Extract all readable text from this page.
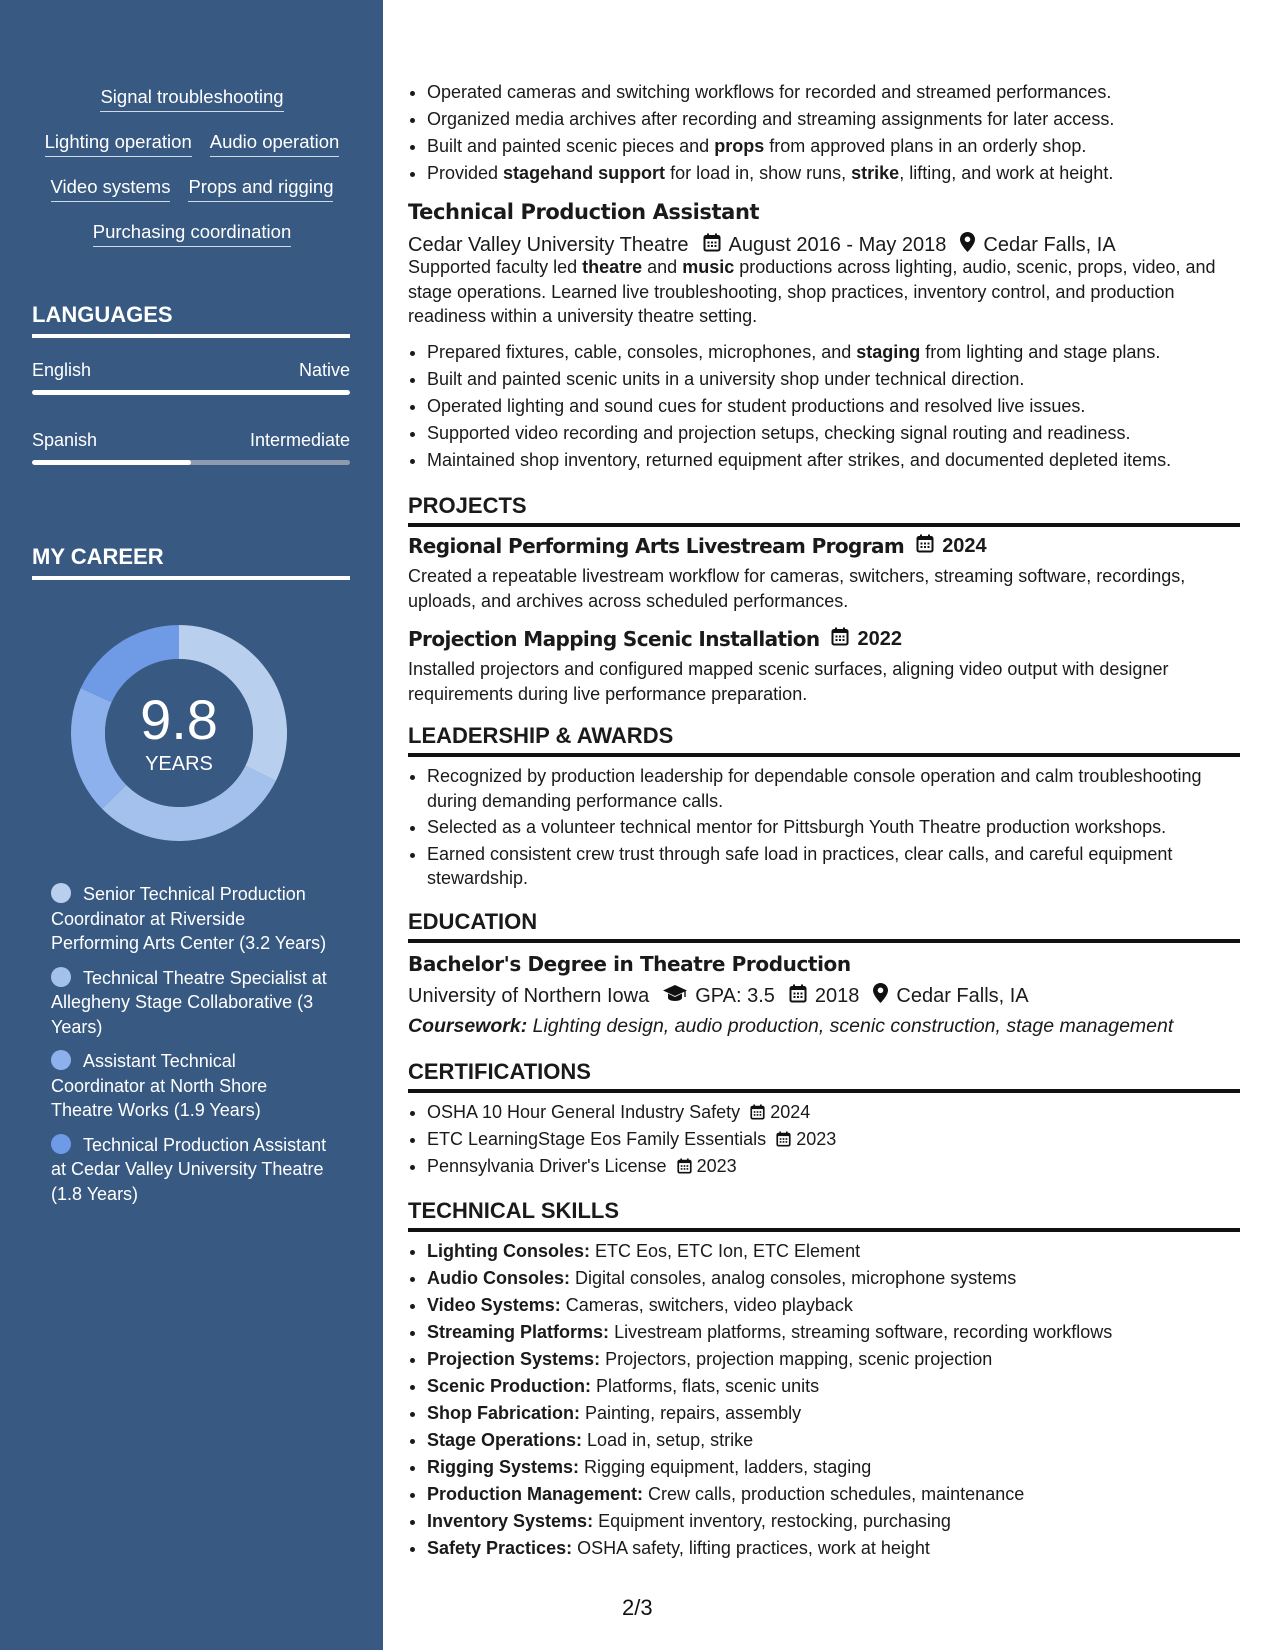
Signal troubleshooting
Lighting operation Audio operation
Video systems Props and rigging
Purchasing coordination
LANGUAGES
English	Native
Spanish	Intermediate
MY CAREER
9.8
YEARS
Senior Technical Production Coordinator at Riverside Performing Arts Center (3.2 Years)
Technical Theatre Specialist at Allegheny Stage Collaborative (3 Years)
Assistant Technical Coordinator at North Shore Theatre Works (1.9 Years)
Technical Production Assistant at Cedar Valley University Theatre (1.8 Years)
• Operated cameras and switching workflows for recorded and streamed performances.
• Organized media archives after recording and streaming assignments for later access.
• Built and painted scenic pieces and props from approved plans in an orderly shop.
• Provided stagehand support for load in, show runs, strike, lifting, and work at height.
Technical Production Assistant
Cedar Valley University Theatre August 2016 - May 2018 Cedar Falls, IA
Supported faculty led theatre and music productions across lighting, audio, scenic, props, video, and stage operations. Learned live troubleshooting, shop practices, inventory control, and production readiness within a university theatre setting.
• Prepared fixtures, cable, consoles, microphones, and staging from lighting and stage plans.
• Built and painted scenic units in a university shop under technical direction.
• Operated lighting and sound cues for student productions and resolved live issues.
• Supported video recording and projection setups, checking signal routing and readiness.
• Maintained shop inventory, returned equipment after strikes, and documented depleted items.
PROJECTS
Regional Performing Arts Livestream Program 2024
Created a repeatable livestream workflow for cameras, switchers, streaming software, recordings, uploads, and archives across scheduled performances.
Projection Mapping Scenic Installation 2022
Installed projectors and configured mapped scenic surfaces, aligning video output with designer requirements during live performance preparation.
LEADERSHIP & AWARDS
• Recognized by production leadership for dependable console operation and calm troubleshooting during demanding performance calls.
• Selected as a volunteer technical mentor for Pittsburgh Youth Theatre production workshops.
• Earned consistent crew trust through safe load in practices, clear calls, and careful equipment stewardship.
EDUCATION
Bachelor's Degree in Theatre Production
University of Northern Iowa GPA: 3.5 2018 Cedar Falls, IA
Coursework: Lighting design, audio production, scenic construction, stage management
CERTIFICATIONS
• OSHA 10 Hour General Industry Safety 2024
• ETC LearningStage Eos Family Essentials 2023
• Pennsylvania Driver's License 2023
TECHNICAL SKILLS
• Lighting Consoles: ETC Eos, ETC Ion, ETC Element
• Audio Consoles: Digital consoles, analog consoles, microphone systems
• Video Systems: Cameras, switchers, video playback
• Streaming Platforms: Livestream platforms, streaming software, recording workflows
• Projection Systems: Projectors, projection mapping, scenic projection
• Scenic Production: Platforms, flats, scenic units
• Shop Fabrication: Painting, repairs, assembly
• Stage Operations: Load in, setup, strike
• Rigging Systems: Rigging equipment, ladders, staging
• Production Management: Crew calls, production schedules, maintenance
• Inventory Systems: Equipment inventory, restocking, purchasing
• Safety Practices: OSHA safety, lifting practices, work at height
2/3
